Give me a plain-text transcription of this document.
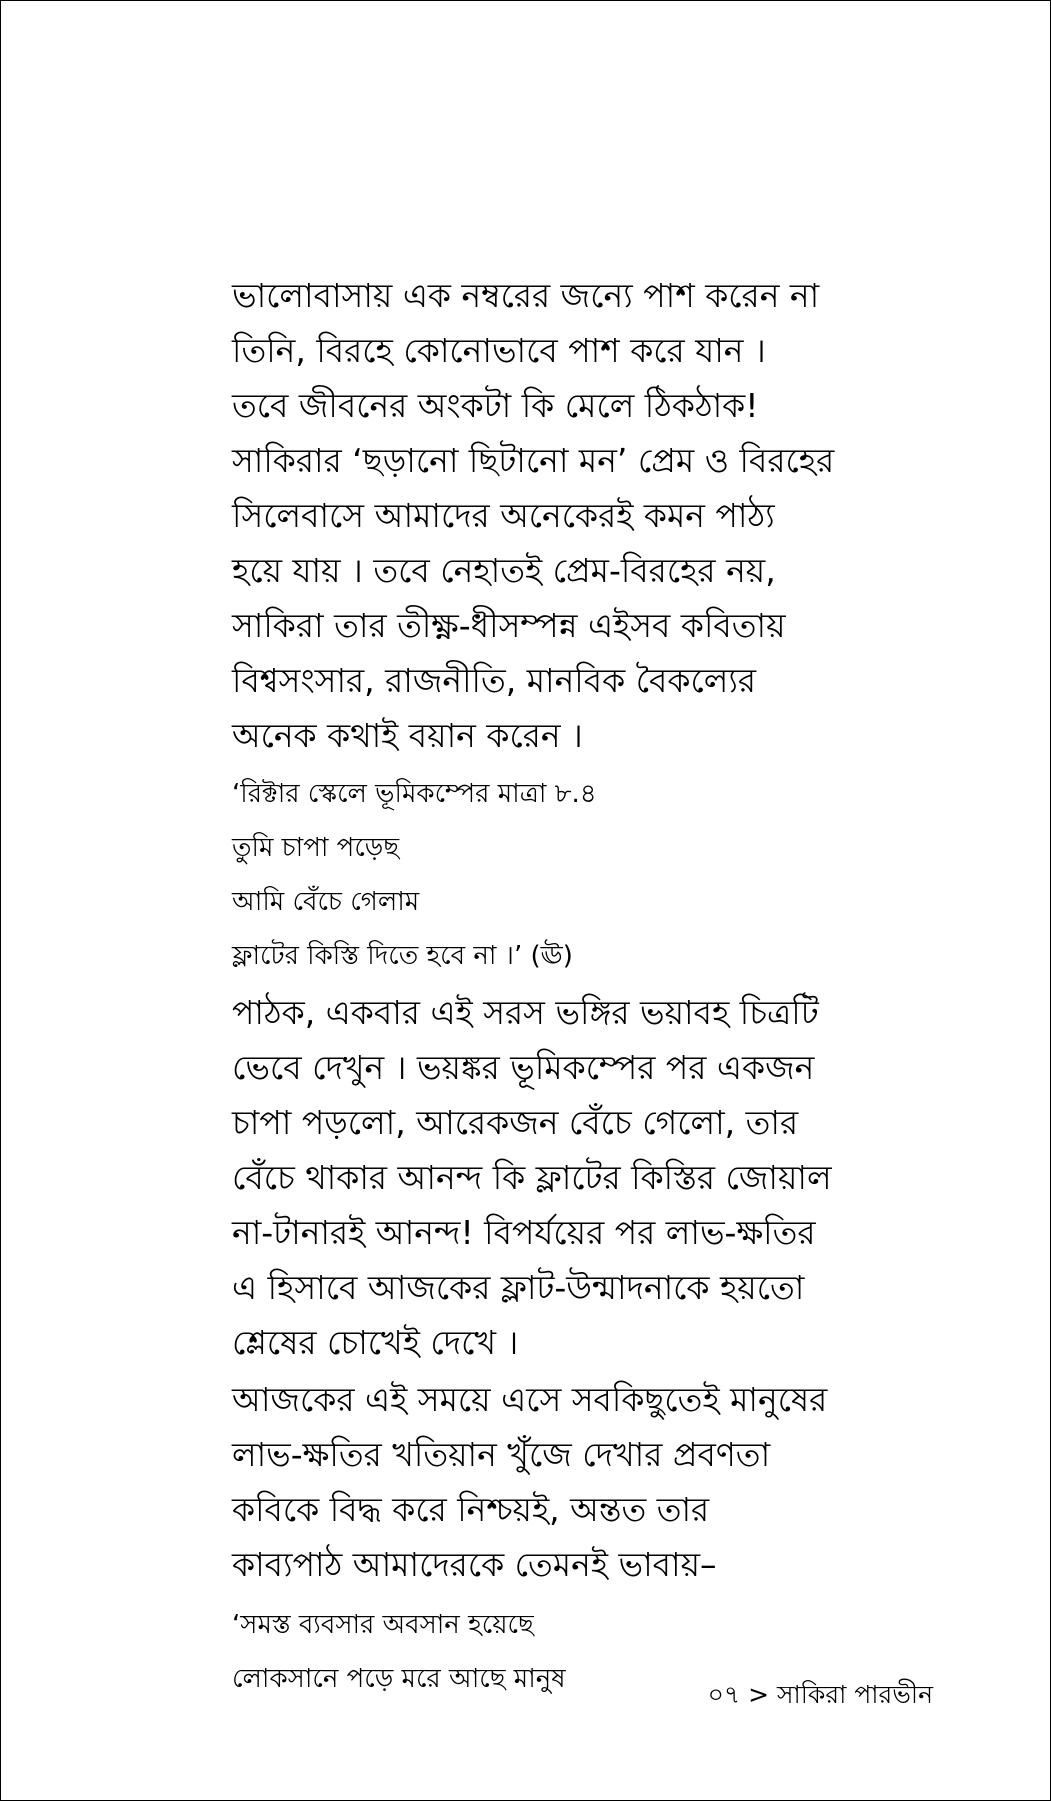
ভালোবাসায় এক নম্বরের জন্যে পাশ করেন না
তিনি, বিরহে কোনোভাবে পাশ করে যান ।
তবে জীবনের অংকটা কি মেলে ঠিকঠাক!
সাকিরার ‘ছড়ানো ছিটানো মন’ প্রেম ও বিরহের
সিলেবাসে আমাদের অনেকেরই কমন পাঠ্য
হয়ে যায় । তবে নেহাতই প্রেম-বিরহের নয়,
সাকিরা তার তীক্ষ্ণ-ধীসম্পন্ন এইসব কবিতায়
বিশ্বসংসার, রাজনীতি, মানবিক বৈকল্যের
অনেক কথাই বয়ান করেন ।

‘রিক্টার স্কেলে ভূমিকম্পের মাত্রা ৮.৪
তুমি চাপা পড়েছ
আমি বেঁচে গেলাম
ফ্লাটের কিস্তি দিতে হবে না ।’ (ঊ)

পাঠক, একবার এই সরস ভঙ্গির ভয়াবহ চিত্রটি
ভেবে দেখুন । ভয়ঙ্কর ভূমিকম্পের পর একজন
চাপা পড়লো, আরেকজন বেঁচে গেলো, তার
বেঁচে থাকার আনন্দ কি ফ্লাটের কিস্তির জোয়াল
না-টানারই আনন্দ! বিপর্যয়ের পর লাভ-ক্ষতির
এ হিসাবে আজকের ফ্লাট-উন্মাদনাকে হয়তো
শ্লেষের চোখেই দেখে ।

আজকের এই সময়ে এসে সবকিছুতেই মানুষের
লাভ-ক্ষতির খতিয়ান খুঁজে দেখার প্রবণতা
কবিকে বিদ্ধ করে নিশ্চয়ই, অন্তত তার
কাব্যপাঠ আমাদেরকে তেমনই ভাবায়–

‘সমস্ত ব্যবসার অবসান হয়েছে
লোকসানে পড়ে মরে আছে মানুষ

০৭ > সাকিরা পারভীন
